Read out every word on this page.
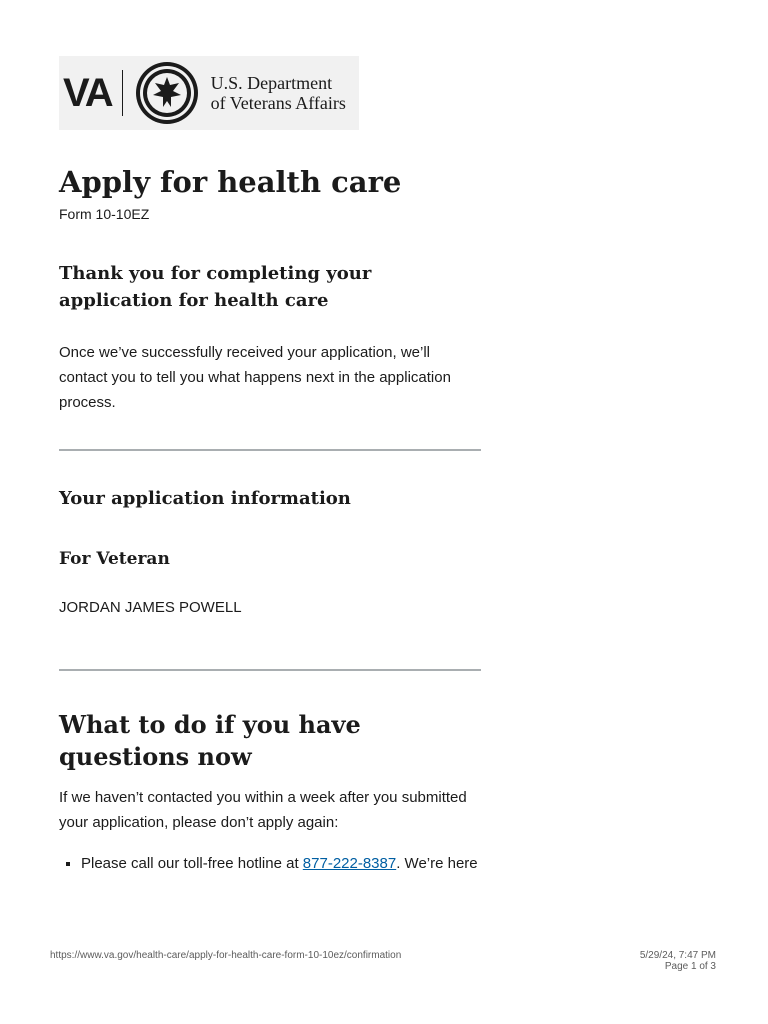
VA	U.S. Department
of Veterans Affairs
Apply for health care
Form 10-10EZ
Thank you for completing your application for health care

Once we’ve successfully received your application, we’ll contact you to tell you what happens next in the application process.

Your application information
For Veteran

JORDAN JAMES POWELL

What to do if you have questions now

If we haven’t contacted you within a week after you submitted your application, please don’t apply again:

▪ Please call our toll-free hotline at 877-222-8387. We’re here
https://www.va.gov/health-care/apply-for-health-care-form-10-10ez/confirmation	5/29/24, 7:47 PM
Page 1 of 3
